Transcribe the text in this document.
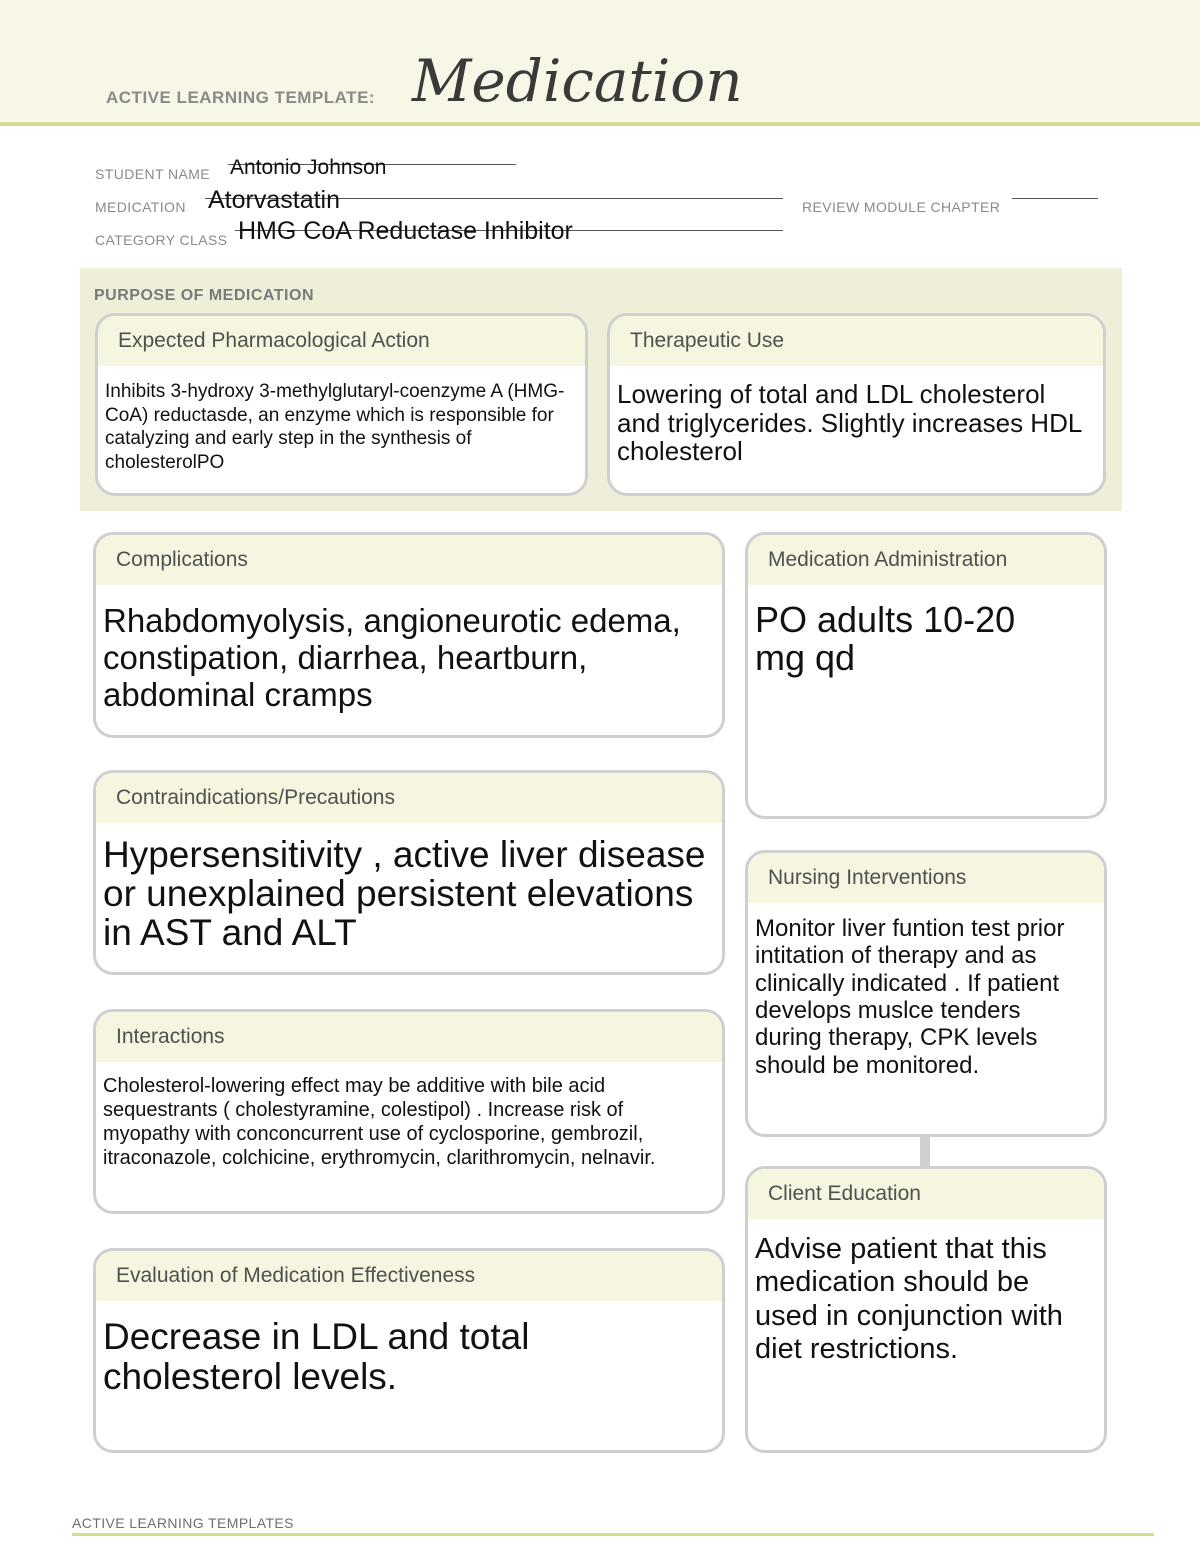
ACTIVE LEARNING TEMPLATE: Medication
STUDENT NAME Antonio Johnson
MEDICATION Atorvastatin	REVIEW MODULE CHAPTER
CATEGORY CLASS HMG CoA Reductase Inhibitor
PURPOSE OF MEDICATION
Expected Pharmacological Action
Inhibits 3-hydroxy 3-methylglutaryl-coenzyme A (HMG-CoA) reductasde, an enzyme which is responsible for catalyzing and early step in the synthesis of cholesterolPO
Therapeutic Use
Lowering of total and LDL cholesterol and triglycerides. Slightly increases HDL cholesterol
Complications
Rhabdomyolysis, angioneurotic edema, constipation, diarrhea, heartburn, abdominal cramps
Contraindications/Precautions
Hypersensitivity , active liver disease or unexplained persistent elevations in AST and ALT
Interactions
Cholesterol-lowering effect may be additive with bile acid sequestrants ( cholestyramine, colestipol) . Increase risk of myopathy with conconcurrent use of cyclosporine, gembrozil, itraconazole, colchicine, erythromycin, clarithromycin, nelnavir.
Evaluation of Medication Effectiveness
Decrease in LDL and total cholesterol levels.
Medication Administration
PO adults 10-20 mg qd
Nursing Interventions
Monitor liver funtion test prior intitation of therapy and as clinically indicated . If patient develops muslce tenders during therapy, CPK levels should be monitored.
Client Education
Advise patient that this medication should be used in conjunction with diet restrictions.
ACTIVE LEARNING TEMPLATES
